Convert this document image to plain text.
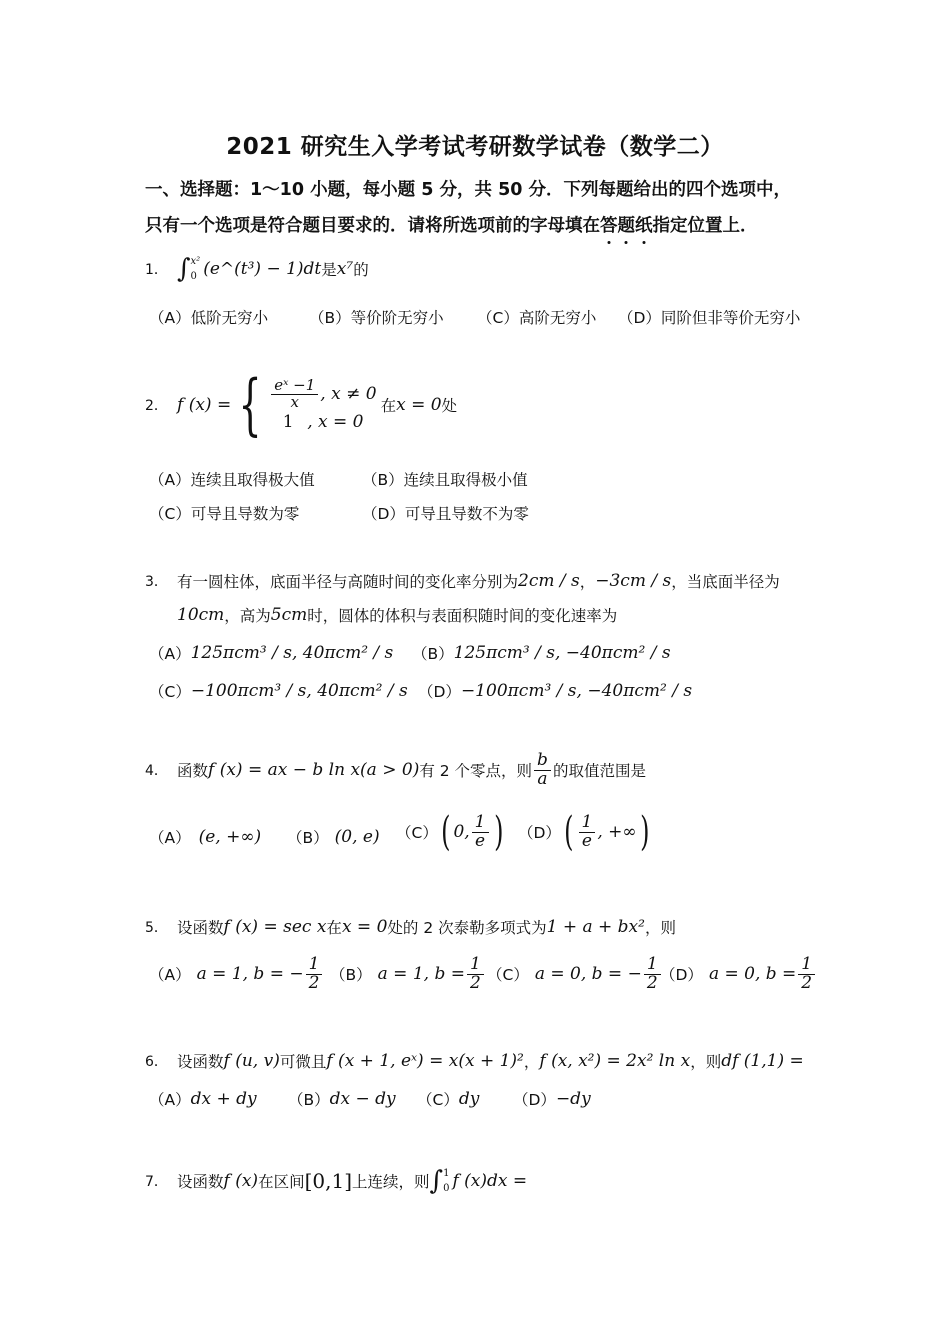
2021 研究生入学考试考研数学试卷（数学二）
一、选择题：1～10 小题，每小题 5 分，共 50 分．下列每题给出的四个选项中，
只有一个选项是符合题目要求的．请将所选项前的字母填在答
题
纸
指定位置上．
1． ∫ x²
0 (e^(t³) − 1)dt 是 x⁷ 的
（A）低阶无穷小	（B）等价阶无穷小 （C）高阶无穷小 （D）同阶但非等价无穷小
2． f (x) = { $\frac{\text{eˣ −1}}{x}$ , x ≠ 0
1 , x = 0
在 x = 0 处
（A）连续且取得极大值	（B）连续且取得极小值
（C）可导且导数为零	（D）可导且导数不为零
3． 有一圆柱体，底面半径与高随时间的变化率分别为 2cm / s ， −3cm / s ，当底面半径为
10cm ，高为 5cm 时，圆体的体积与表面积随时间的变化速率为
（A） 125πcm³ / s, 40πcm² / s （B） 125πcm³ / s, −40πcm² / s
（C） −100πcm³ / s, 40πcm² / s （D） −100πcm³ / s, −40πcm² / s
4． 函数 f (x) = ax − b ln x(a > 0) 有 2 个零点，则 $\frac{b}{a}$ 的取值范围是
（A） (e, +∞) （B） (0, e) （C） ( 0, $\frac{1}{e}$ ) （D） ( $\frac{1}{e}$ , +∞ )
5． 设函数 f (x) = sec x 在 x = 0 处的 2 次泰勒多项式为 1 + a + bx² ，则
（A） a = 1, b = − $\frac{1}{2} (B) a = 1$, $b = \frac{1}{2} (C) a = 0$, b = − $\frac{1}{2} (D) a = 0$, $b = \frac{1}{2}$
6． 设函数 f (u, v) 可微且 f (x + 1, eˣ) = x(x + 1)² ， f (x, x²) = 2x² ln x ，则 df (1,1) =
（A） dx + dy （B） dx − dy （C） dy （D） −dy
7． 设函数 f (x) 在区间 [0,1] 上连续，则 ∫ 1
0 f (x)dx =
